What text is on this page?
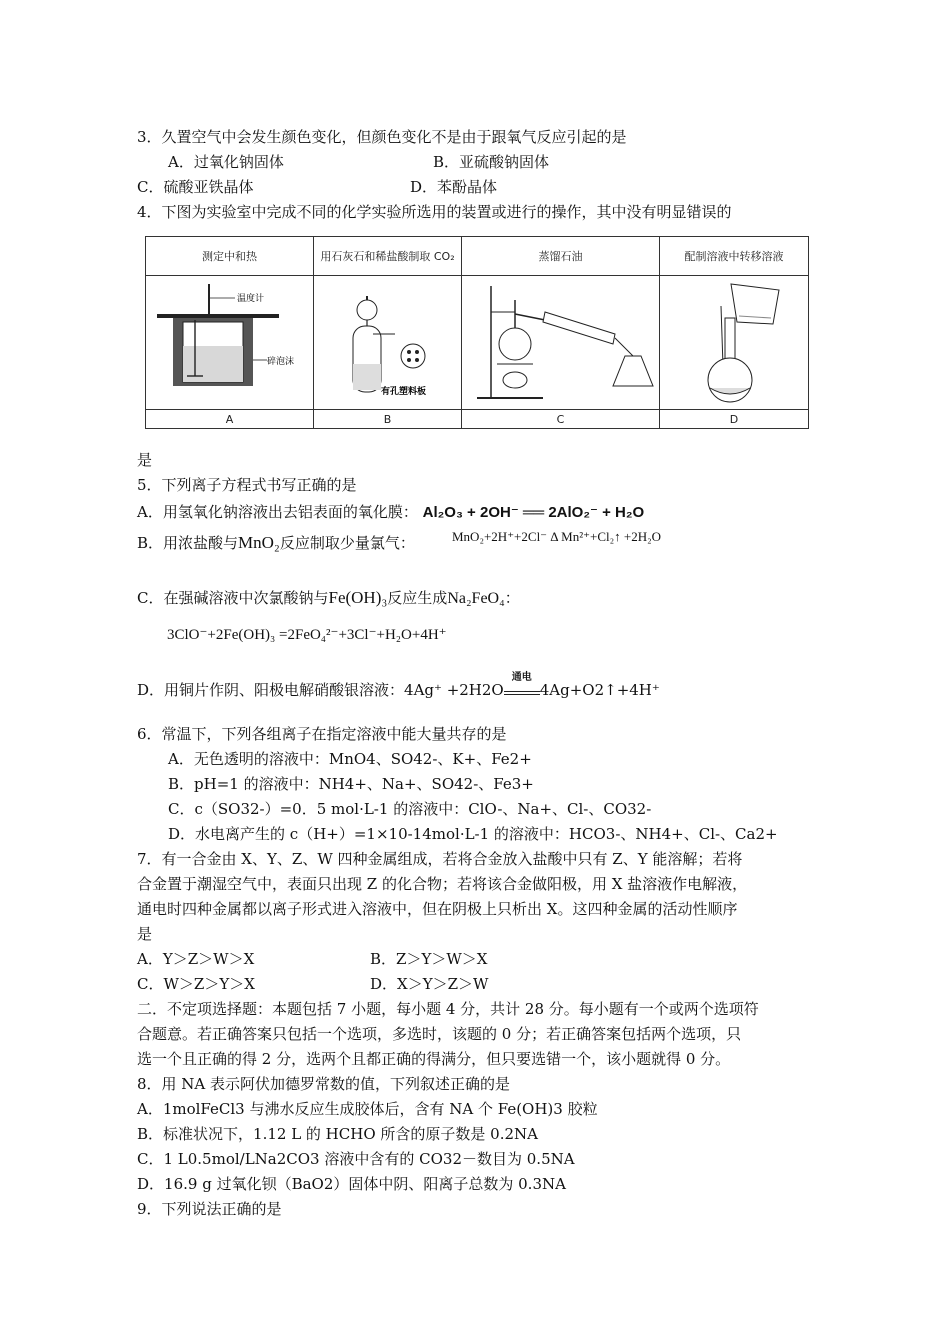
3．久置空气中会发生颜色变化，但颜色变化不是由于跟氧气反应引起的是
A．过氧化钠固体	B．亚硫酸钠固体
C．硫酸亚铁晶体	D．苯酚晶体
4．下图为实验室中完成不同的化学实验所选用的装置或进行的操作，其中没有明显错误的
测定中和热	用石灰石和稀盐酸制取 CO₂	蒸馏石油	配制溶液中转移溶液

温度计
碎泡沫	有孔塑料板

A	B	C	D
是
5．下列离子方程式书写正确的是
A．用氢氧化钠溶液出去铝表面的氧化膜： Al₂O₃ + 2OH⁻ ══ 2AlO₂⁻ + H₂O
B．用浓盐酸与MnO₂反应制取少量氯气：	MnO₂+2H⁺+2Cl⁻ Δ Mn²⁺+Cl₂↑ +2H₂O
C．在强碱溶液中次氯酸钠与Fe(OH)₃反应生成Na₂FeO₄：
3ClO⁻+2Fe(OH)₃ =2FeO₄²⁻+3Cl⁻+H₂O+4H⁺
D．用铜片作阴、阳极电解硝酸银溶液：4Ag⁺ +2H2O
通电
4Ag+O2↑+4H⁺
6．常温下，下列各组离子在指定溶液中能大量共存的是
A．无色透明的溶液中：MnO4、SO42-、K+、Fe2+
B．pH=1 的溶液中：NH4+、Na+、SO42-、Fe3+
C．c（SO32-）=0．5 mol·L-1 的溶液中：ClO-、Na+、Cl-、CO32-
D．水电离产生的 c（H+）=1×10-14mol·L-1 的溶液中：HCO3-、NH4+、Cl-、Ca2+
7．有一合金由 X、Y、Z、W 四种金属组成，若将合金放入盐酸中只有 Z、Y 能溶解；若将
合金置于潮湿空气中，表面只出现 Z 的化合物；若将该合金做阳极，用 X 盐溶液作电解液，
通电时四种金属都以离子形式进入溶液中，但在阴极上只析出 X。这四种金属的活动性顺序
是
A．Y＞Z＞W＞X	B．Z＞Y＞W＞X
C．W＞Z＞Y＞X	D．X＞Y＞Z＞W
二．不定项选择题：本题包括 7 小题，每小题 4 分，共计 28 分。每小题有一个或两个选项符
合题意。若正确答案只包括一个选项，多选时，该题的 0 分；若正确答案包括两个选项，只
选一个且正确的得 2 分，选两个且都正确的得满分，但只要选错一个，该小题就得 0 分。
8．用 NA 表示阿伏加德罗常数的值，下列叙述正确的是
A．1molFeCl3 与沸水反应生成胶体后，含有 NA 个 Fe(OH)3 胶粒
B．标准状况下，1.12 L 的 HCHO 所含的原子数是 0.2NA
C．1 L0.5mol/LNa2CO3 溶液中含有的 CO32－数目为 0.5NA
D．16.9 g 过氧化钡（BaO2）固体中阴、阳离子总数为 0.3NA
9．下列说法正确的是
